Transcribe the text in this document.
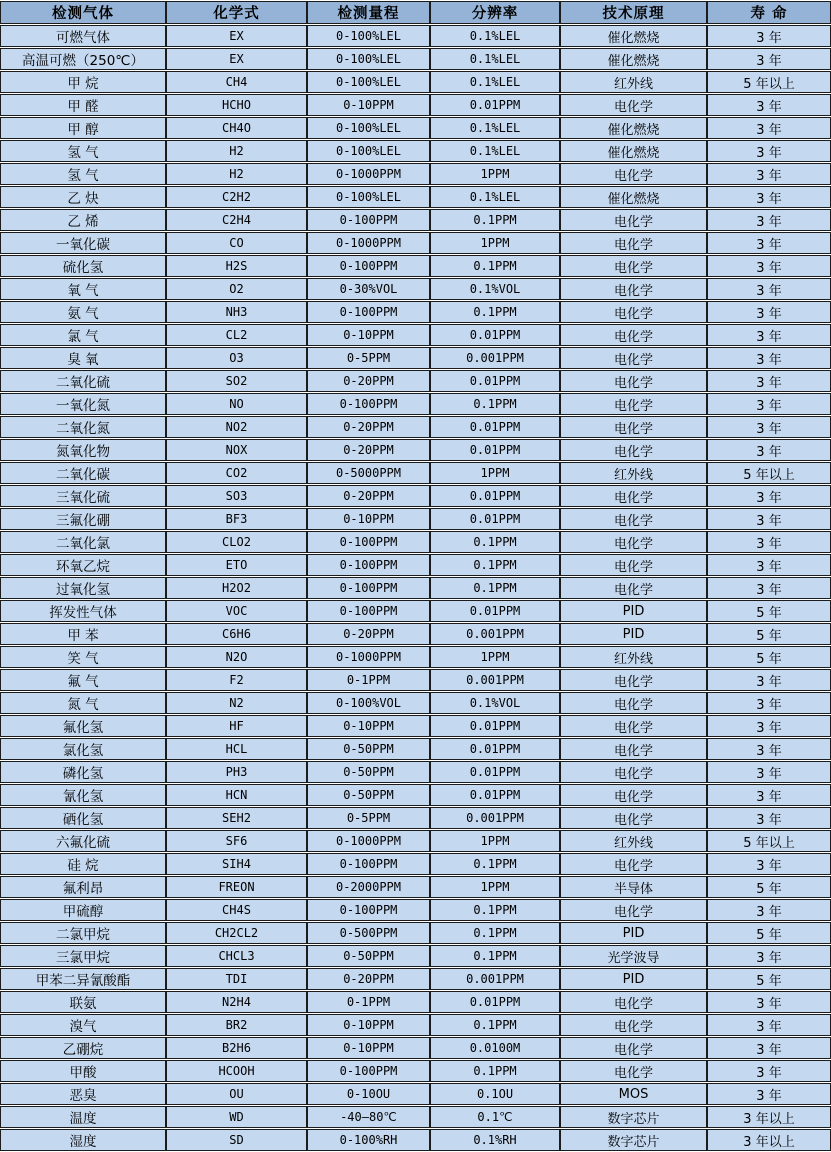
检测气体	化学式	检测量程	分辨率	技术原理	寿 命
可燃气体	EX	0-100%LEL	0.1%LEL	催化燃烧	3 年
高温可燃（250℃）	EX	0-100%LEL	0.1%LEL	催化燃烧	3 年
甲 烷	CH4	0-100%LEL	0.1%LEL	红外线	5 年以上
甲 醛	HCHO	0-10PPM	0.01PPM	电化学	3 年
甲 醇	CH4O	0-100%LEL	0.1%LEL	催化燃烧	3 年
氢 气	H2	0-100%LEL	0.1%LEL	催化燃烧	3 年
氢 气	H2	0-1000PPM	1PPM	电化学	3 年
乙 炔	C2H2	0-100%LEL	0.1%LEL	催化燃烧	3 年
乙 烯	C2H4	0-100PPM	0.1PPM	电化学	3 年
一氧化碳	CO	0-1000PPM	1PPM	电化学	3 年
硫化氢	H2S	0-100PPM	0.1PPM	电化学	3 年
氧 气	O2	0-30%VOL	0.1%VOL	电化学	3 年
氨 气	NH3	0-100PPM	0.1PPM	电化学	3 年
氯 气	CL2	0-10PPM	0.01PPM	电化学	3 年
臭 氧	O3	0-5PPM	0.001PPM	电化学	3 年
二氧化硫	SO2	0-20PPM	0.01PPM	电化学	3 年
一氧化氮	NO	0-100PPM	0.1PPM	电化学	3 年
二氧化氮	NO2	0-20PPM	0.01PPM	电化学	3 年
氮氧化物	NOX	0-20PPM	0.01PPM	电化学	3 年
二氧化碳	CO2	0-5000PPM	1PPM	红外线	5 年以上
三氧化硫	SO3	0-20PPM	0.01PPM	电化学	3 年
三氟化硼	BF3	0-10PPM	0.01PPM	电化学	3 年
二氧化氯	CLO2	0-100PPM	0.1PPM	电化学	3 年
环氧乙烷	ETO	0-100PPM	0.1PPM	电化学	3 年
过氧化氢	H2O2	0-100PPM	0.1PPM	电化学	3 年
挥发性气体	VOC	0-100PPM	0.01PPM	PID	5 年
甲 苯	C6H6	0-20PPM	0.001PPM	PID	5 年
笑 气	N2O	0-1000PPM	1PPM	红外线	5 年
氟 气	F2	0-1PPM	0.001PPM	电化学	3 年
氮 气	N2	0-100%VOL	0.1%VOL	电化学	3 年
氟化氢	HF	0-10PPM	0.01PPM	电化学	3 年
氯化氢	HCL	0-50PPM	0.01PPM	电化学	3 年
磷化氢	PH3	0-50PPM	0.01PPM	电化学	3 年
氰化氢	HCN	0-50PPM	0.01PPM	电化学	3 年
硒化氢	SEH2	0-5PPM	0.001PPM	电化学	3 年
六氟化硫	SF6	0-1000PPM	1PPM	红外线	5 年以上
硅 烷	SIH4	0-100PPM	0.1PPM	电化学	3 年
氟利昂	FREON	0-2000PPM	1PPM	半导体	5 年
甲硫醇	CH4S	0-100PPM	0.1PPM	电化学	3 年
二氯甲烷	CH2CL2	0-500PPM	0.1PPM	PID	5 年
三氯甲烷	CHCL3	0-50PPM	0.1PPM	光学波导	3 年
甲苯二异氰酸酯	TDI	0-20PPM	0.001PPM	PID	5 年
联氨	N2H4	0-1PPM	0.01PPM	电化学	3 年
溴气	BR2	0-10PPM	0.1PPM	电化学	3 年
乙硼烷	B2H6	0-10PPM	0.0100M	电化学	3 年
甲酸	HCOOH	0-100PPM	0.1PPM	电化学	3 年
恶臭	OU	0-10OU	0.1OU	MOS	3 年
温度	WD	-40—80℃	0.1℃	数字芯片	3 年以上
湿度	SD	0-100%RH	0.1%RH	数字芯片	3 年以上
